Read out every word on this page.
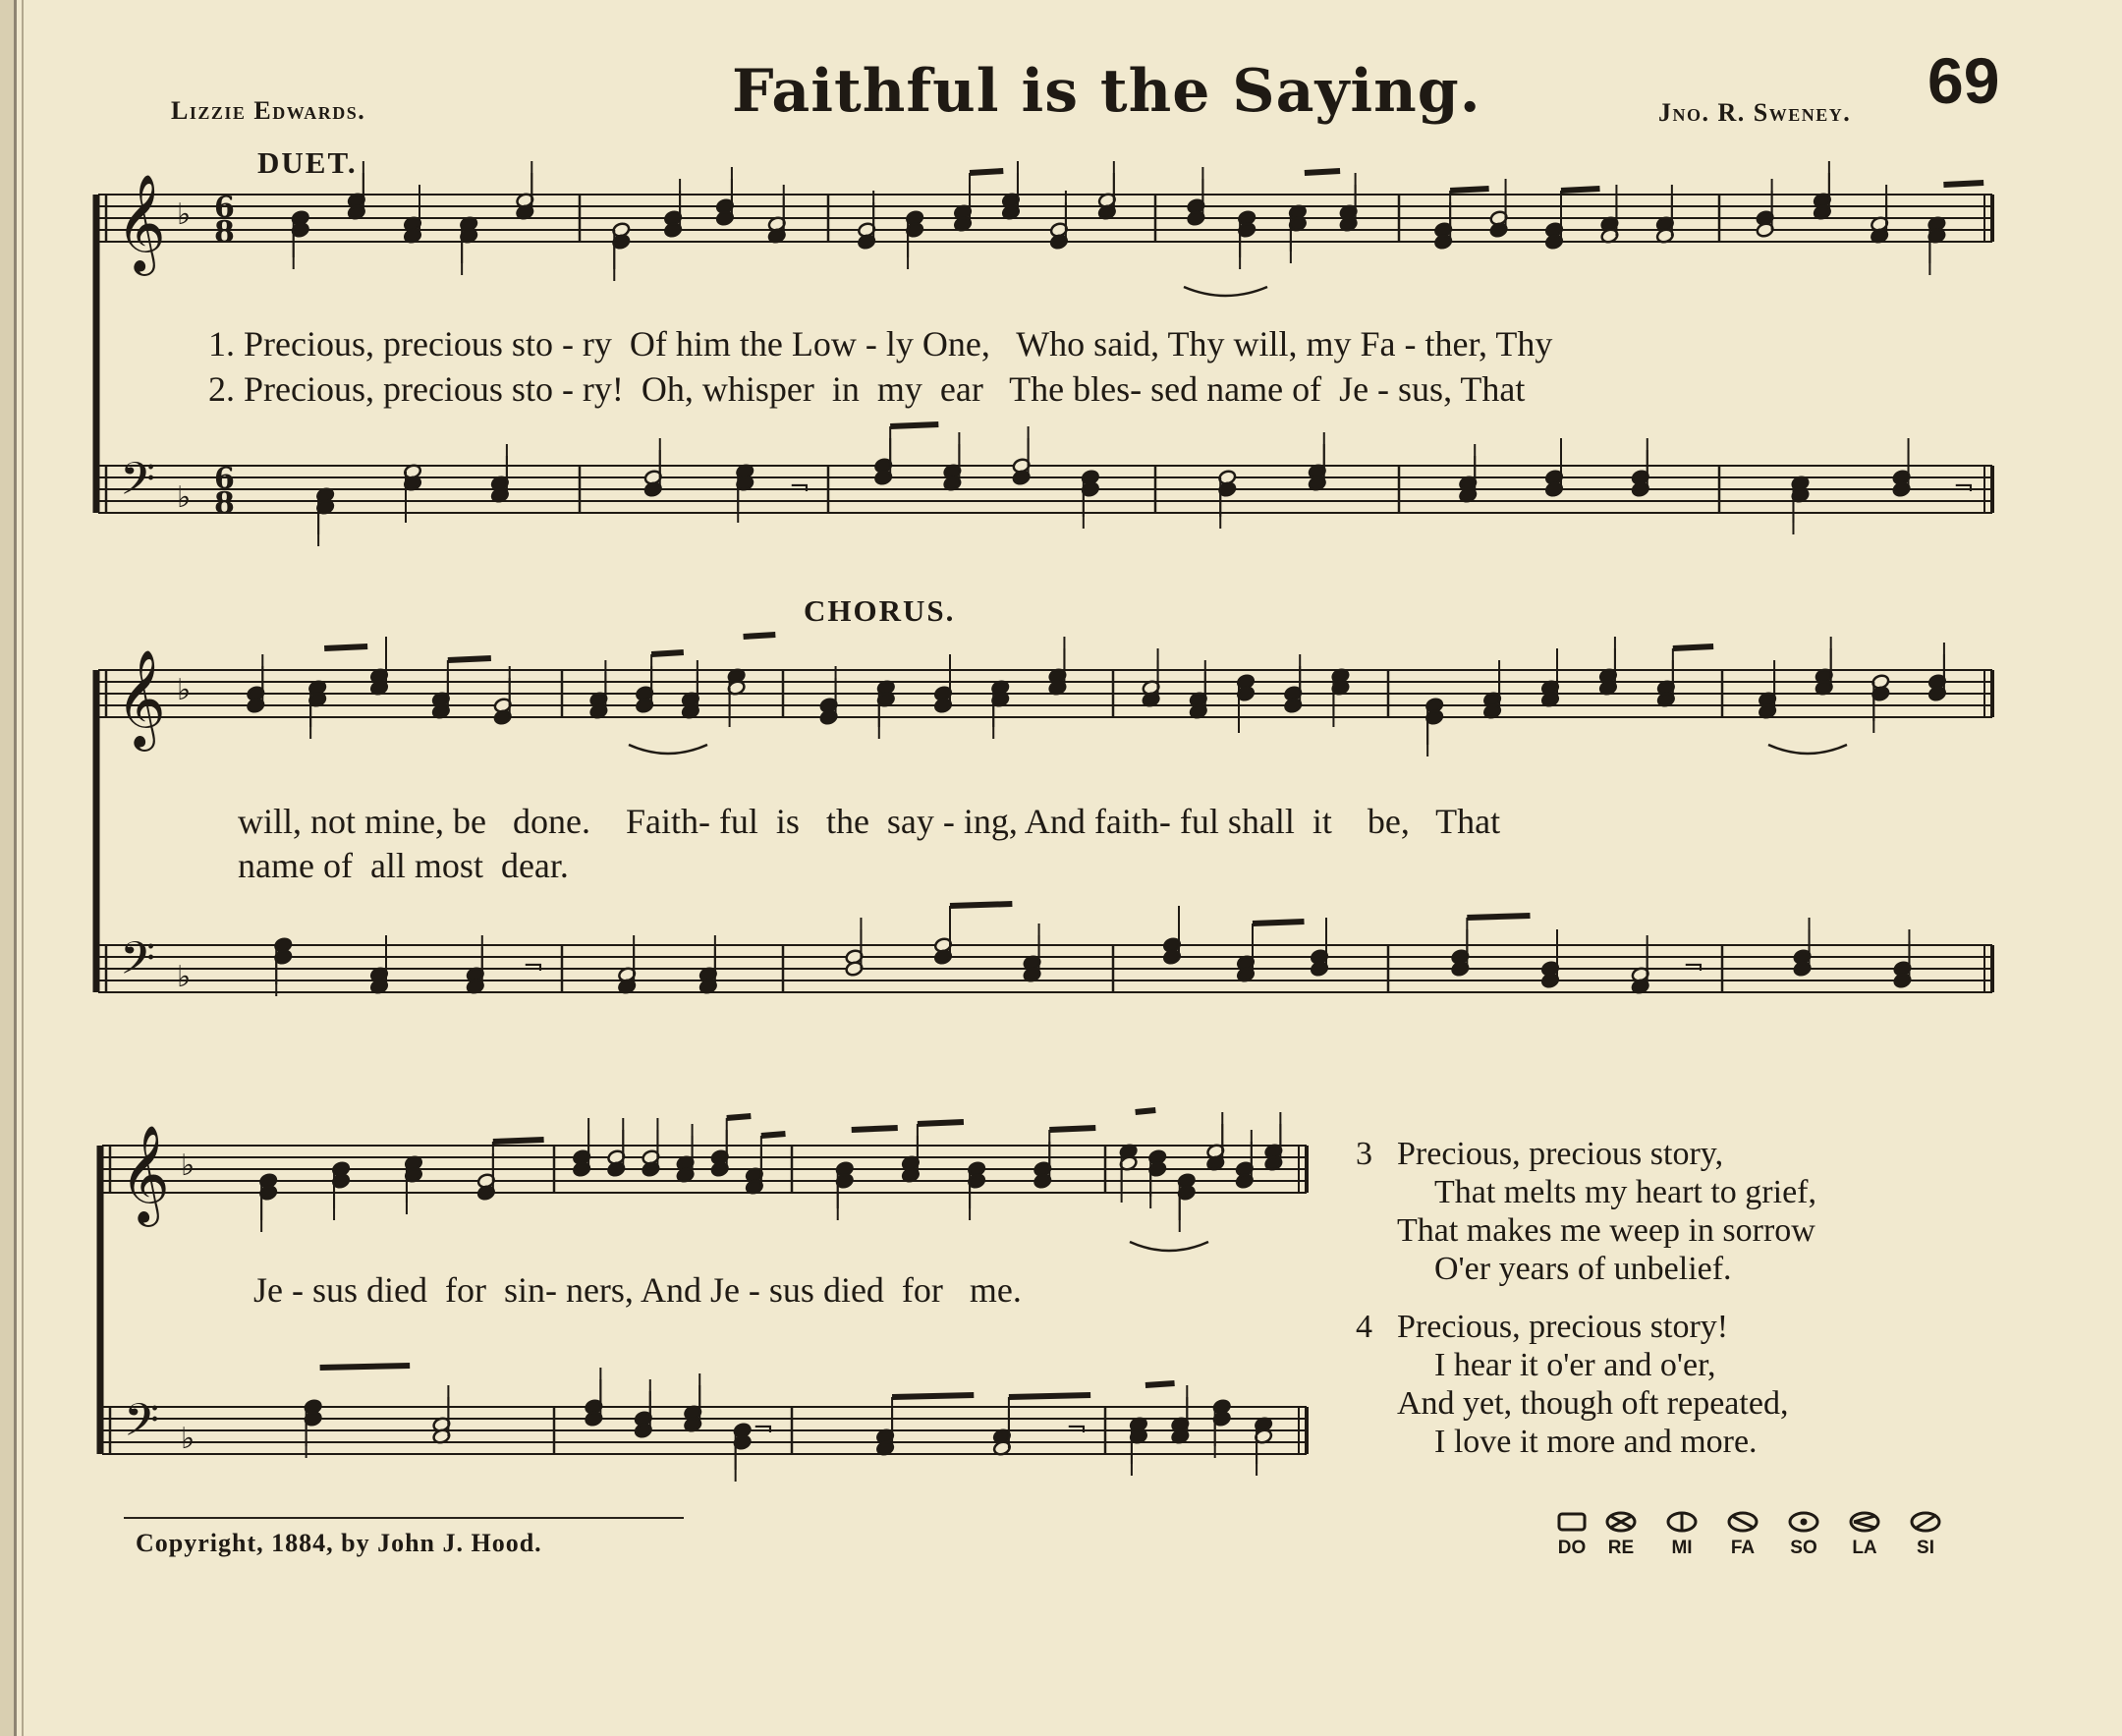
Lizzie Edwards.	Faithful is the Saying.	Jno. R. Sweney. 69
DUET.
CHORUS.
𝄞
𝄢
♭
♭
6
8
6
8	¬	¬
𝄞
𝄢
♭
♭	¬	¬
𝄞
𝄢
♭
♭	¬	¬
1. Precious, precious sto - ry  Of him the Low - ly One,   Who said, Thy will, my Fa - ther, Thy
2. Precious, precious sto - ry!  Oh, whisper  in  my  ear   The bles- sed name of  Je - sus, That
will, not mine, be   done.    Faith- ful  is   the  say - ing, And faith- ful shall  it    be,   That
name of  all most  dear.
Je - sus died  for  sin- ners, And Je - sus died  for   me.
3 Precious, precious story,
That melts my heart to grief,
That makes me weep in sorrow
O'er years of unbelief.
4 Precious, precious story!
I hear it o'er and o'er,
And yet, though oft repeated,
I love it more and more.
Copyright, 1884, by John J. Hood.	DO	RE	MI	FA	SO	LA	SI
